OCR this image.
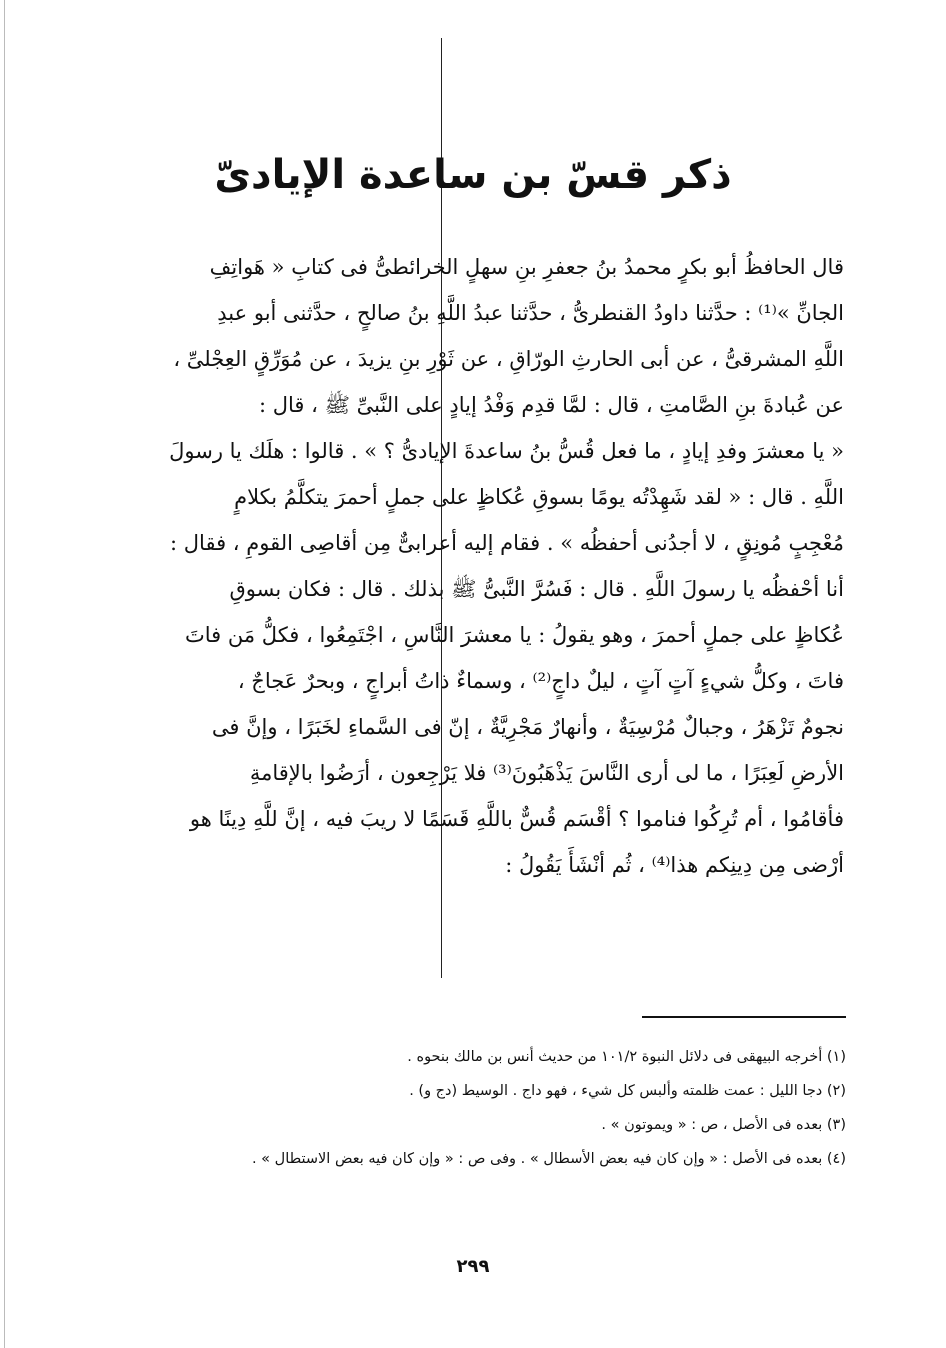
ذكر قسّ بن ساعدة الإيادىّ
قال الحافظُ أبو بكرٍ محمدُ بنُ جعفرِ بنِ سهلٍ الخرائطىُّ فى كتابِ « هَواتِفِ
الجانِّ »⁽¹⁾ : حدَّثنا داودُ القنطرىُّ ، حدَّثنا عبدُ اللَّهِ بنُ صالحٍ ، حدَّثنى أبو عبدِ
اللَّهِ المشرقىُّ ، عن أبى الحارثِ الورّاقِ ، عن ثَوْرِ بنِ يزيدَ ، عن مُوَرِّقٍ العِجْلىِّ ،
عن عُبادةَ بنِ الصَّامتِ ، قال : لمَّا قدِم وَفْدُ إيادٍ على النَّبىِّ ﷺ ، قال :
« يا معشرَ وفدِ إيادٍ ، ما فعل قُسُّ بنُ ساعدةَ الإيادىُّ ؟ » . قالوا : هلَك يا رسولَ
اللَّهِ . قال : « لقد شَهِدْتُه يومًا بسوقِ عُكاظٍ على جملٍ أحمرَ يتكلَّمُ بكلامٍ
مُعْجِبٍ مُونِقٍ ، لا أجدُنى أحفظُه » . فقام إليه أعرابىٌّ مِن أقاصِى القومِ ، فقال :
أنا أحْفظُه يا رسولَ اللَّهِ . قال : فَسُرَّ النَّبىُّ ﷺ بذلك . قال : فكان بسوقِ
عُكاظٍ على جملٍ أحمرَ ، وهو يقولُ : يا معشرَ النَّاسِ ، اجْتَمِعُوا ، فكلُّ مَن فاتَ
فاتَ ، وكلُّ شيءٍ آتٍ آتٍ ، ليلٌ داجٍ⁽²⁾ ، وسماءٌ ذاتُ أبراجٍ ، وبحرٌ عَجاجٌ ،
نجومٌ تَزْهَرُ ، وجبالٌ مُرْسِيَةٌ ، وأنهارٌ مَجْرِيَّةٌ ، إنّ فى السَّماءِ لخَبَرًا ، وإنَّ فى
الأرضِ لَعِبَرًا ، ما لى أرى النَّاسَ يَذْهَبُونَ⁽³⁾ فلا يَرْجِعون ، أرَضُوا بالإقامةِ
فأقامُوا ، أم تُرِكُوا فناموا ؟ أقْسَم قُسٌّ باللَّهِ قَسَمًا لا ريبَ فيه ، إنَّ للَّهِ دِينًا هو
أرْضى مِن دِينِكم هذا⁽⁴⁾ ، ثُم أنْشَأَ يَقُولُ :
(١) أخرجه البيهقى فى دلائل النبوة ١٠١/٢ من حديث أنس بن مالك بنحوه .
(٢) دجا الليل : عمت ظلمته وألبس كل شيء ، فهو داج . الوسيط (دج و) .
(٣) بعده فى الأصل ، ص : « ويموتون » .
(٤) بعده فى الأصل : « وإن كان فيه بعض الأسطال » . وفى ص : « وإن كان فيه بعض الاستطال » .
٢٩٩
